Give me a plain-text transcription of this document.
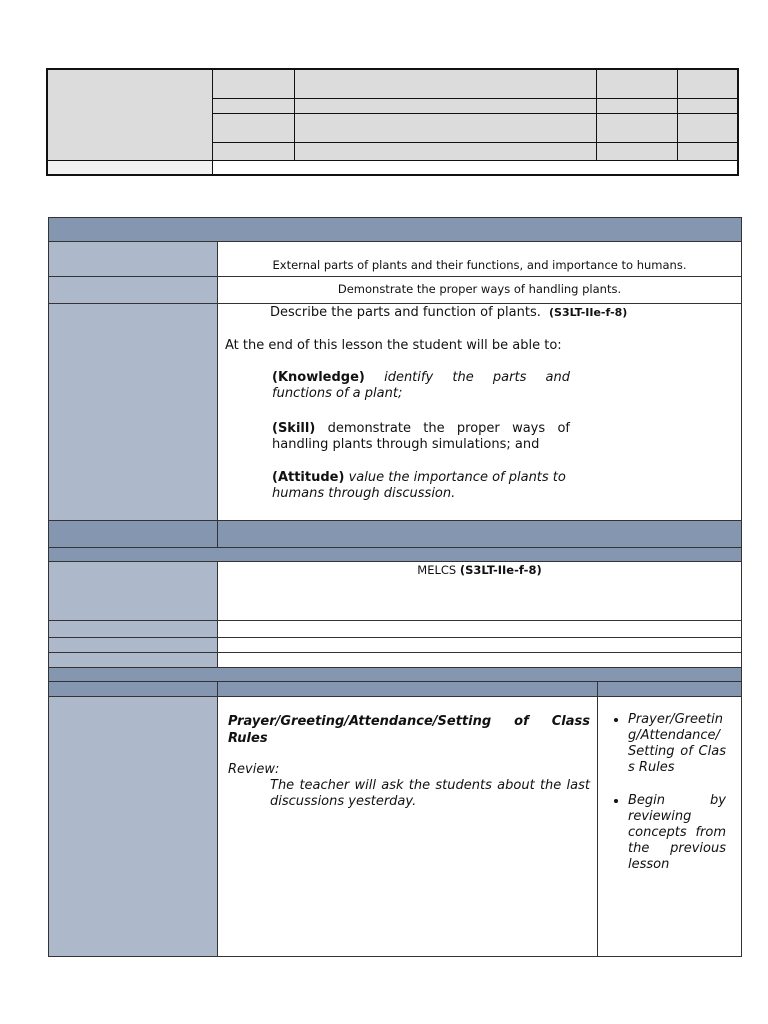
External parts of plants and their functions, and importance to humans.
Demonstrate the proper ways of handling plants.
Describe the parts and function of plants. (S3LT-IIe-f-8)
At the end of this lesson the student will be able to:
(Knowledge) identify the parts and functions of a plant;
(Skill) demonstrate the proper ways of handling plants through simulations; and
(Attitude) value the importance of plants to humans through discussion.
MELCS (S3LT-IIe-f-8)
Prayer/Greeting/Attendance/Setting of Class Rules
Review:
The teacher will ask the students about the last discussions yesterday.
• Prayer/Greeting/Attendance/ Setting of Class Rules
• Begin by reviewing concepts from the previous lesson
